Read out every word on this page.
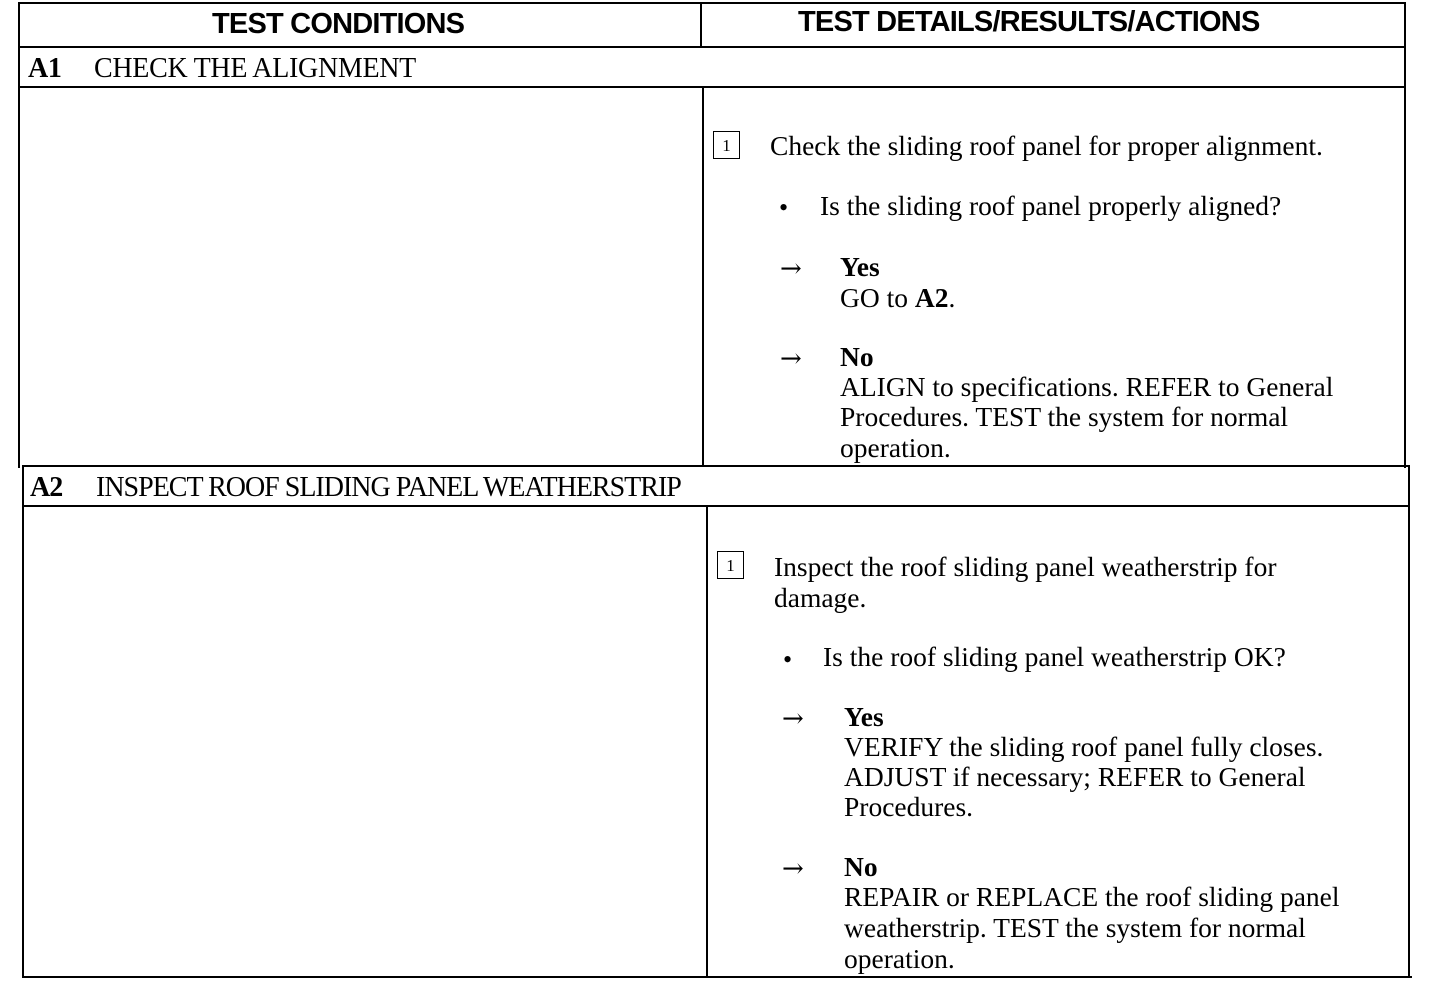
TEST CONDITIONS	TEST DETAILS/RESULTS/ACTIONS
A1 CHECK THE ALIGNMENT
1	Check the sliding roof panel for proper alignment.
• Is the sliding roof panel properly aligned?
→ Yes
GO to A2.
→ No
ALIGN to specifications. REFER to General
Procedures. TEST the system for normal
operation.
A2 INSPECT ROOF SLIDING PANEL WEATHERSTRIP
1	Inspect the roof sliding panel weatherstrip for
damage.
• Is the roof sliding panel weatherstrip OK?
→ Yes
VERIFY the sliding roof panel fully closes.
ADJUST if necessary; REFER to General
Procedures.
→ No
REPAIR or REPLACE the roof sliding panel
weatherstrip. TEST the system for normal
operation.
